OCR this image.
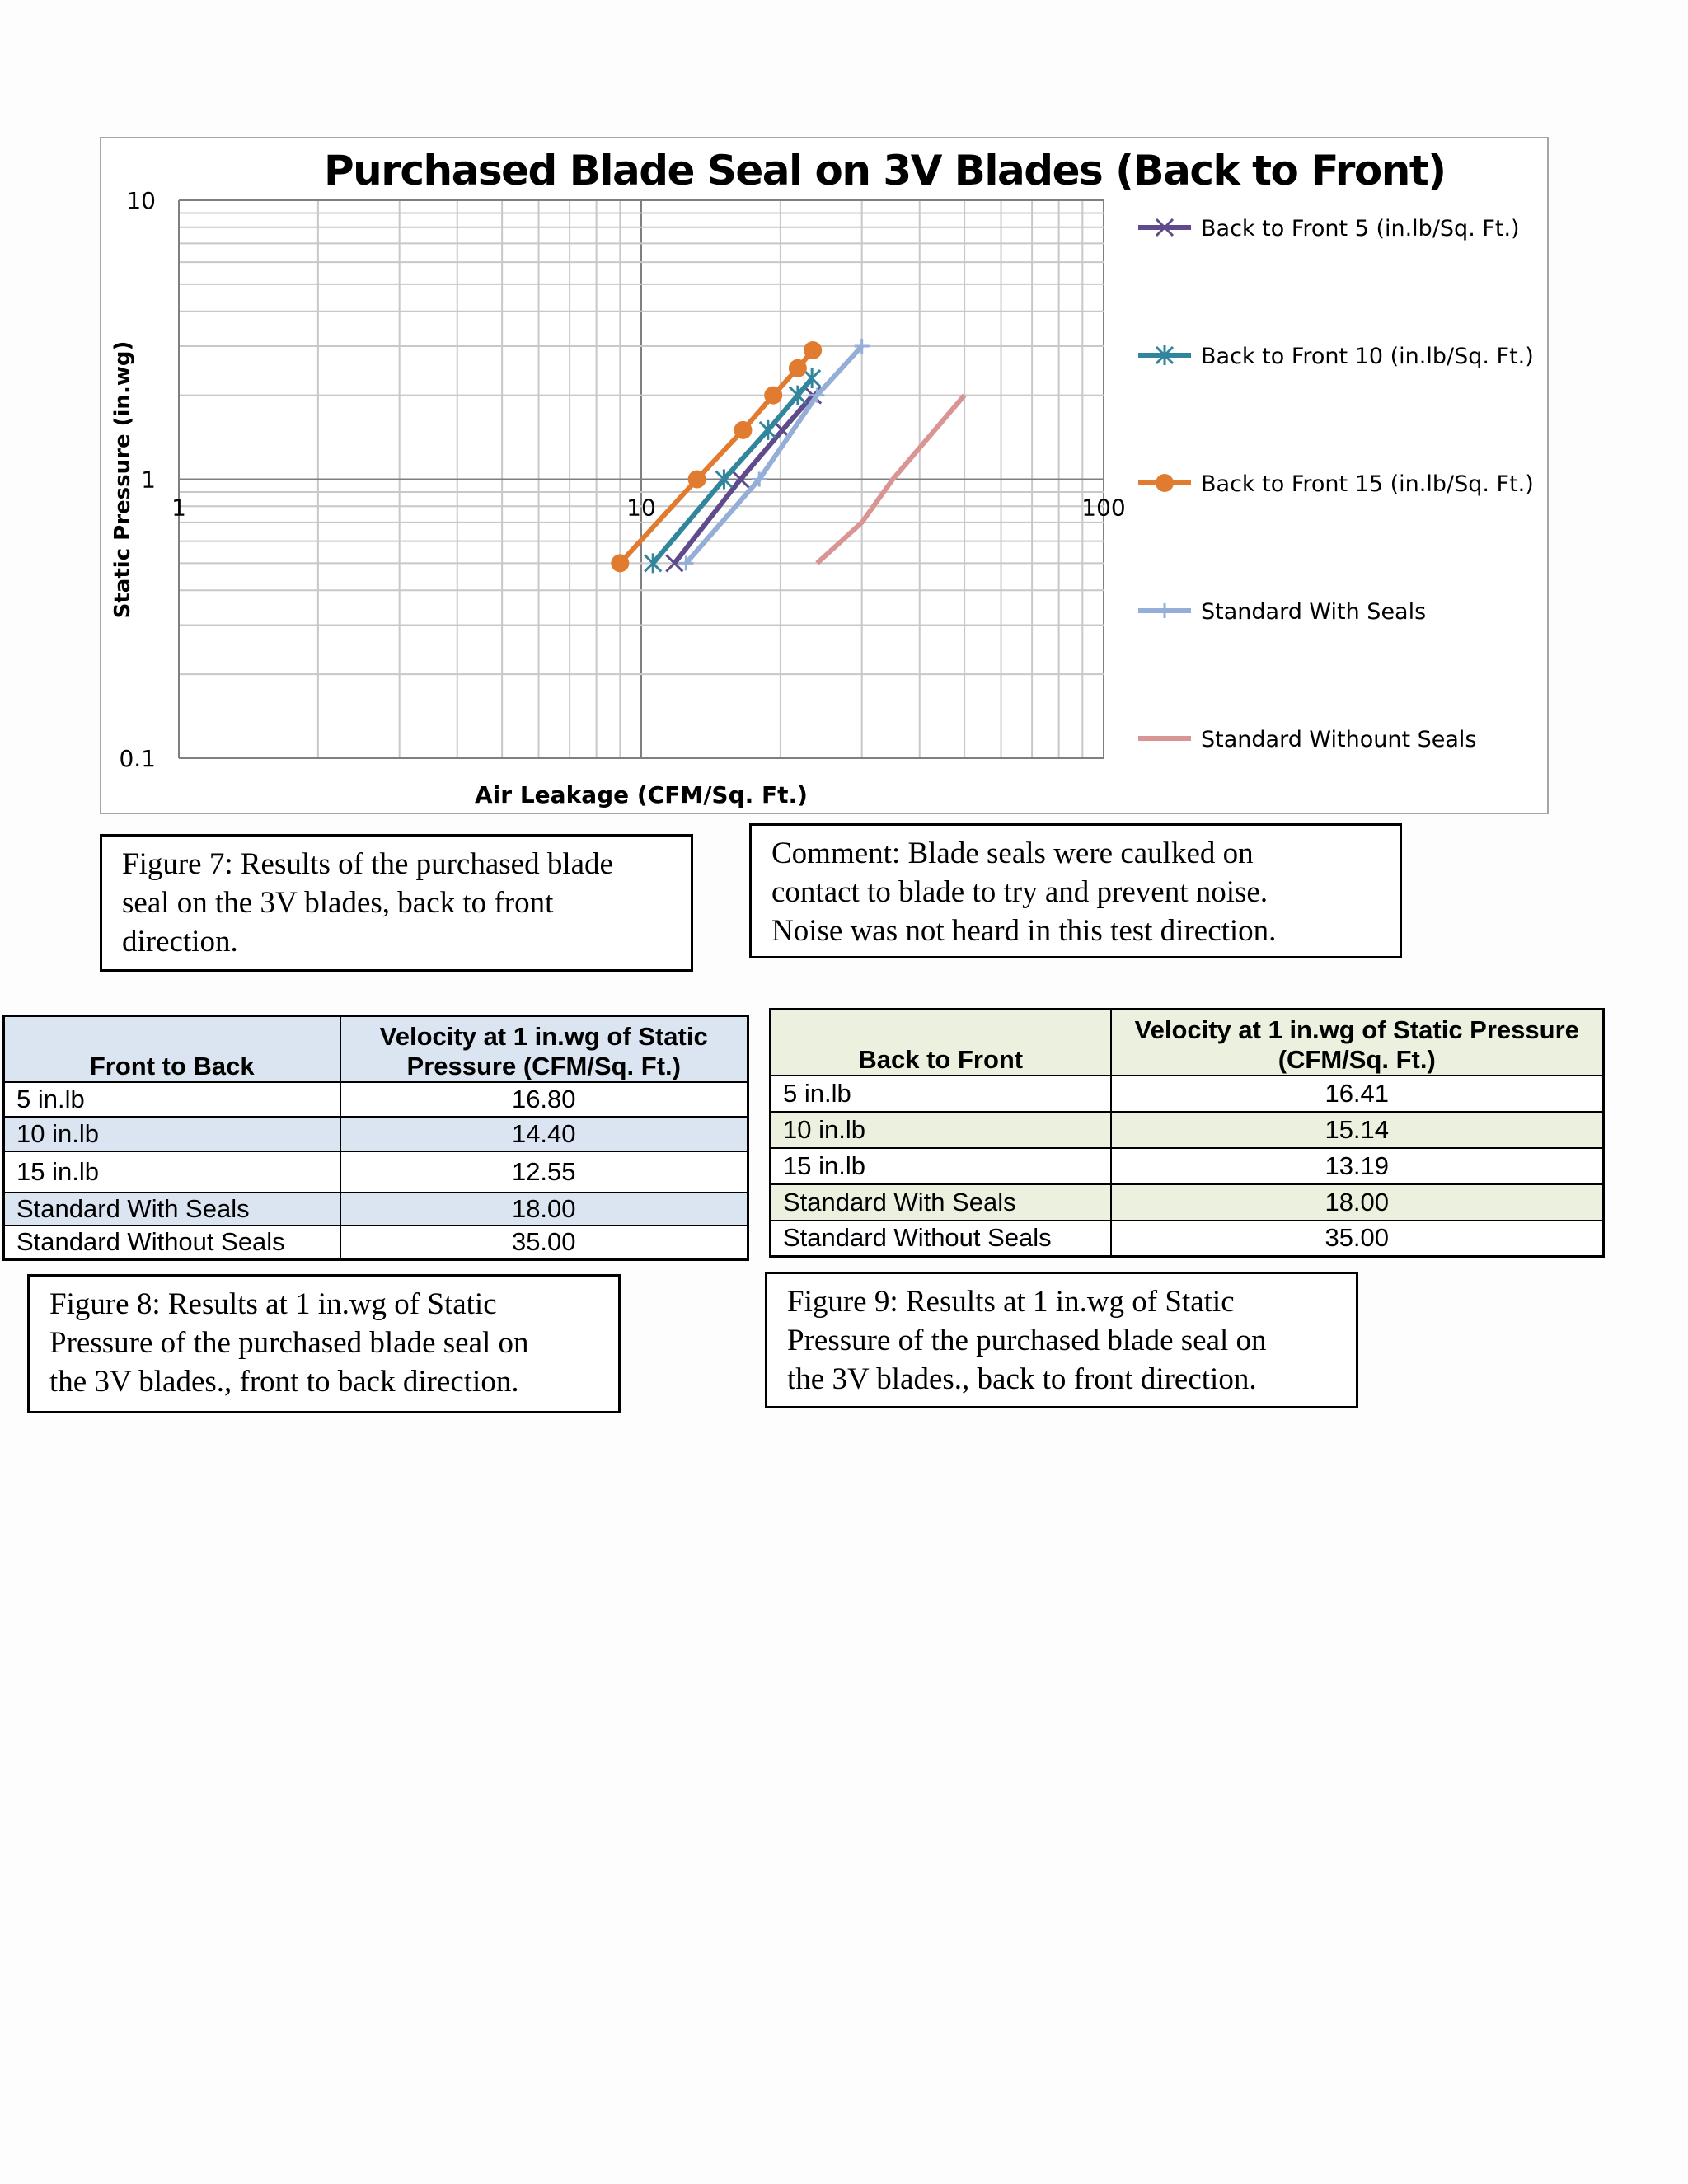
Back to Front 5 (in.lb/Sq. Ft.)
Back to Front 10 (in.lb/Sq. Ft.)
Back to Front 15 (in.lb/Sq. Ft.)
Standard With Seals
Standard Withount Seals
1	10	100
10
1
0.1
Air Leakage (CFM/Sq. Ft.)
Static Pressure (in.wg)
Purchased Blade Seal on 3V Blades (Back to Front)
Figure 7: Results of the purchased blade
seal on the 3V blades, back to front
direction.
Comment: Blade seals were caulked on
contact to blade to try and prevent noise.
Noise was not heard in this test direction.
Front to Back	Velocity at 1 in.wg of Static Pressure (CFM/Sq. Ft.)
5 in.lb	16.80
10 in.lb	14.40
15 in.lb	12.55
Standard With Seals	18.00
Standard Without Seals	35.00
Back to Front	Velocity at 1 in.wg of Static Pressure (CFM/Sq. Ft.)
5 in.lb	16.41
10 in.lb	15.14
15 in.lb	13.19
Standard With Seals	18.00
Standard Without Seals	35.00
Figure 8: Results at 1 in.wg of Static
Pressure of the purchased blade seal on
the 3V blades., front to back direction.
Figure 9: Results at 1 in.wg of Static
Pressure of the purchased blade seal on
the 3V blades., back to front direction.
